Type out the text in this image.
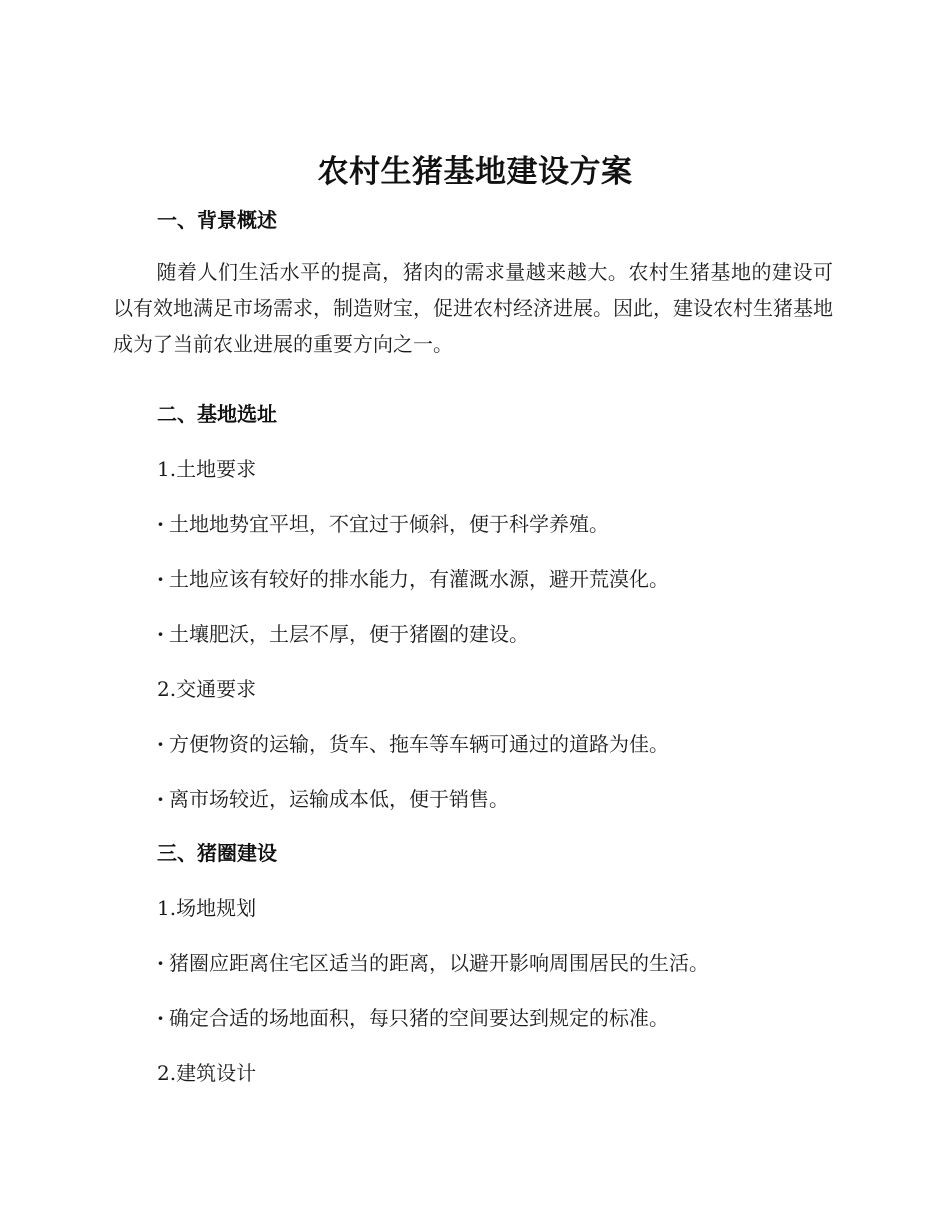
农村生猪基地建设方案
一、背景概述
随着人们生活水平的提高，猪肉的需求量越来越大。农村生猪基地的建设可以有效地满足市场需求，制造财宝，促进农村经济进展。因此，建设农村生猪基地成为了当前农业进展的重要方向之一。
二、基地选址
1.土地要求
· 土地地势宜平坦，不宜过于倾斜，便于科学养殖。
· 土地应该有较好的排水能力，有灌溉水源，避开荒漠化。
· 土壤肥沃，土层不厚，便于猪圈的建设。
2.交通要求
· 方便物资的运输，货车、拖车等车辆可通过的道路为佳。
· 离市场较近，运输成本低，便于销售。
三、猪圈建设
1.场地规划
· 猪圈应距离住宅区适当的距离，以避开影响周围居民的生活。
· 确定合适的场地面积，每只猪的空间要达到规定的标准。
2.建筑设计
